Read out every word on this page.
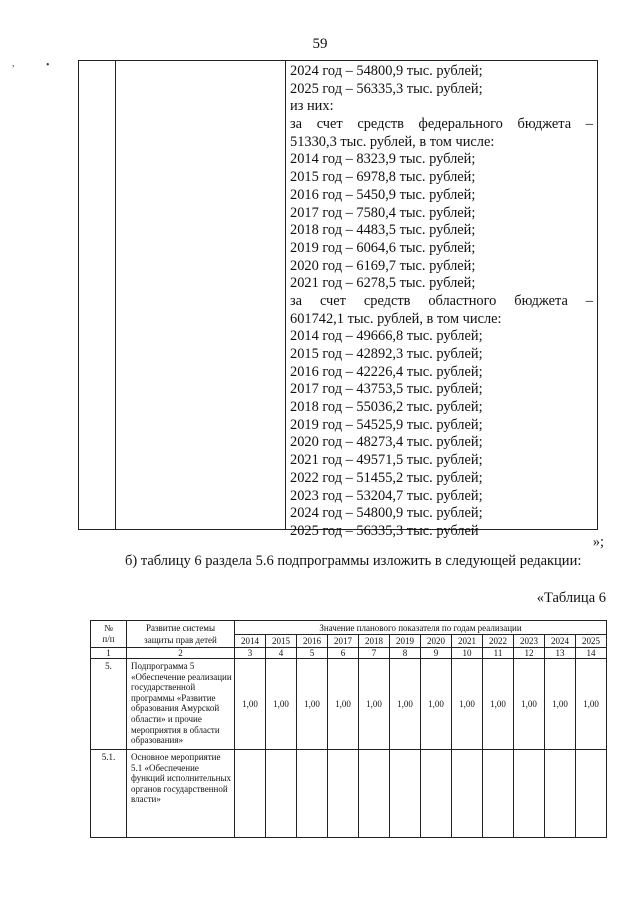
59
,	•	2024 год – 54800,9 тыс. рублей;
2025 год – 56335,3 тыс. рублей;
из них:
за счет средств федерального бюджета –
51330,3 тыс. рублей, в том числе:
2014 год – 8323,9 тыс. рублей;
2015 год – 6978,8 тыс. рублей;
2016 год – 5450,9 тыс. рублей;
2017 год – 7580,4 тыс. рублей;
2018 год – 4483,5 тыс. рублей;
2019 год – 6064,6 тыс. рублей;
2020 год – 6169,7 тыс. рублей;
2021 год – 6278,5 тыс. рублей;
за счет средств областного бюджета –
601742,1 тыс. рублей, в том числе:
2014 год – 49666,8 тыс. рублей;
2015 год – 42892,3 тыс. рублей;
2016 год – 42226,4 тыс. рублей;
2017 год – 43753,5 тыс. рублей;
2018 год – 55036,2 тыс. рублей;
2019 год – 54525,9 тыс. рублей;
2020 год – 48273,4 тыс. рублей;
2021 год – 49571,5 тыс. рублей;
2022 год – 51455,2 тыс. рублей;
2023 год – 53204,7 тыс. рублей;
2024 год – 54800,9 тыс. рублей;
2025 год – 56335,3 тыс. рублей
»;
б) таблицу 6 раздела 5.6 подпрограммы изложить в следующей редакции:
«Таблица 6
№
п/п	Развитие системы защиты прав детей	Значение планового показателя по годам реализации											
		2014	2015	2016	2017	2018	2019	2020	2021	2022	2023	2024	2025
1	2	3	4	5	6	7	8	9	10	11	12	13	14
5.	Подпрограмма 5 «Обеспечение реализации государственной программы «Развитие образования Амурской области» и прочие мероприятия в области образования»	1,00	1,00	1,00	1,00	1,00	1,00	1,00	1,00	1,00	1,00	1,00	1,00
5.1.	Основное мероприятие 5.1 «Обеспечение функций исполнительных органов государственной власти»												
